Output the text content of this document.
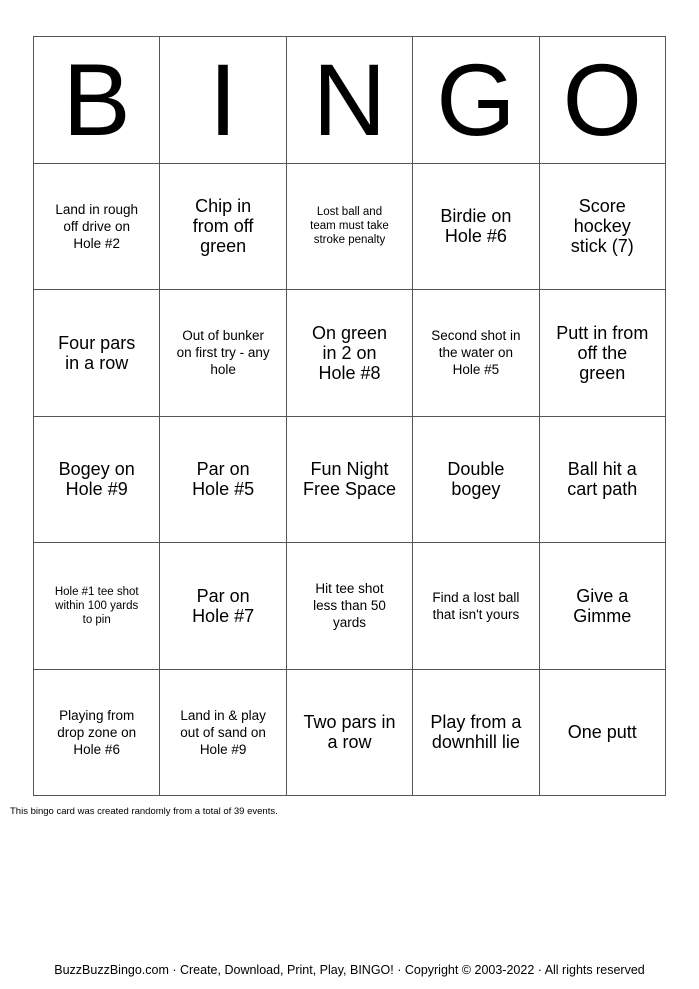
B I N G O
Land in rough off drive on Hole #2
Chip in from off green
Lost ball and team must take stroke penalty
Birdie on Hole #6
Score hockey stick (7)
Four pars in a row
Out of bunker on first try - any hole
On green in 2 on Hole #8
Second shot in the water on Hole #5
Putt in from off the green
Bogey on Hole #9
Par on Hole #5
Fun Night Free Space
Double bogey
Ball hit a cart path
Hole #1 tee shot within 100 yards to pin
Par on Hole #7
Hit tee shot less than 50 yards
Find a lost ball that isn't yours
Give a Gimme
Playing from drop zone on Hole #6
Land in & play out of sand on Hole #9
Two pars in a row
Play from a downhill lie	One putt
This bingo card was created randomly from a total of 39 events.
BuzzBuzzBingo.com · Create, Download, Print, Play, BINGO! · Copyright © 2003-2022 · All rights reserved
